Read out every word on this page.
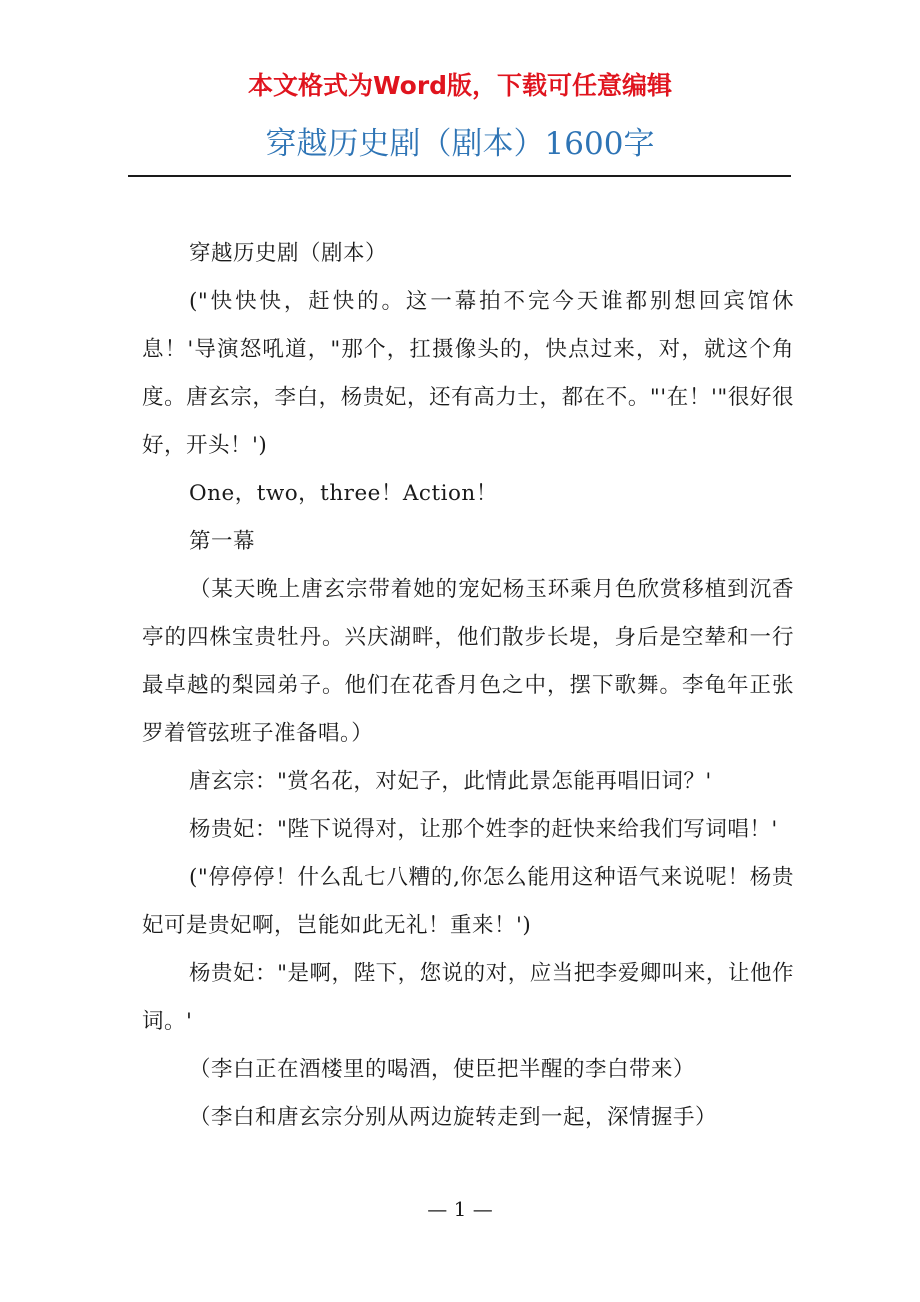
本文格式为Word版，下载可任意编辑
穿越历史剧（剧本）1600字

穿越历史剧（剧本）

("快快快，赶快的。这一幕拍不完今天谁都别想回宾馆休息！'导演怒吼道，"那个，扛摄像头的，快点过来，对，就这个角度。唐玄宗，李白，杨贵妃，还有高力士，都在不。"'在！'"很好很好，开头！')

One，two，three！Action！

第一幕

（某天晚上唐玄宗带着她的宠妃杨玉环乘月色欣赏移植到沉香亭的四株宝贵牡丹。兴庆湖畔，他们散步长堤，身后是空辇和一行最卓越的梨园弟子。他们在花香月色之中，摆下歌舞。李龟年正张罗着管弦班子准备唱。）

唐玄宗："赏名花，对妃子，此情此景怎能再唱旧词？'

杨贵妃："陛下说得对，让那个姓李的赶快来给我们写词唱！'

("停停停！什么乱七八糟的,你怎么能用这种语气来说呢！杨贵妃可是贵妃啊，岂能如此无礼！重来！')

杨贵妃："是啊，陛下，您说的对，应当把李爱卿叫来，让他作词。'

（李白正在酒楼里的喝酒，使臣把半醒的李白带来）

（李白和唐玄宗分别从两边旋转走到一起，深情握手）

— 1 —
